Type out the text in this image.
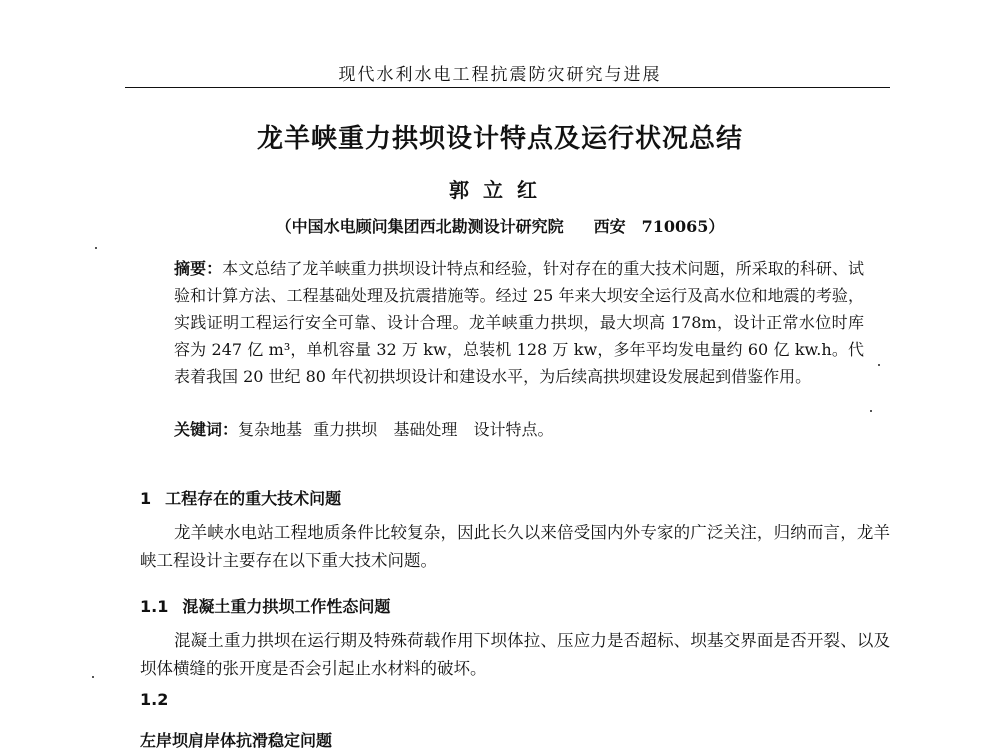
现代水利水电工程抗震防灾研究与进展
龙羊峡重力拱坝设计特点及运行状况总结
郭立红
（中国水电顾问集团西北勘测设计研究院 西安　710065）
摘要：本文总结了龙羊峡重力拱坝设计特点和经验，针对存在的重大技术问题，所采取的科研、试验和计算方法、工程基础处理及抗震措施等。经过 25 年来大坝安全运行及高水位和地震的考验，实践证明工程运行安全可靠、设计合理。龙羊峡重力拱坝，最大坝高 178m，设计正常水位时库容为 247 亿 m³，单机容量 32 万 kw，总装机 128 万 kw，多年平均发电量约 60 亿 kw.h。代表着我国 20 世纪 80 年代初拱坝设计和建设水平，为后续高拱坝建设发展起到借鉴作用。
关键词：复杂地基 重力拱坝 基础处理 设计特点。
1 工程存在的重大技术问题
龙羊峡水电站工程地质条件比较复杂，因此长久以来倍受国内外专家的广泛关注，归纳而言，龙羊峡工程设计主要存在以下重大技术问题。
1.1 混凝土重力拱坝工作性态问题
混凝土重力拱坝在运行期及特殊荷载作用下坝体拉、压应力是否超标、坝基交界面是否开裂、以及坝体横缝的张开度是否会引起止水材料的破坏。
1.2

左岸坝肩岸体抗滑稳定问题
